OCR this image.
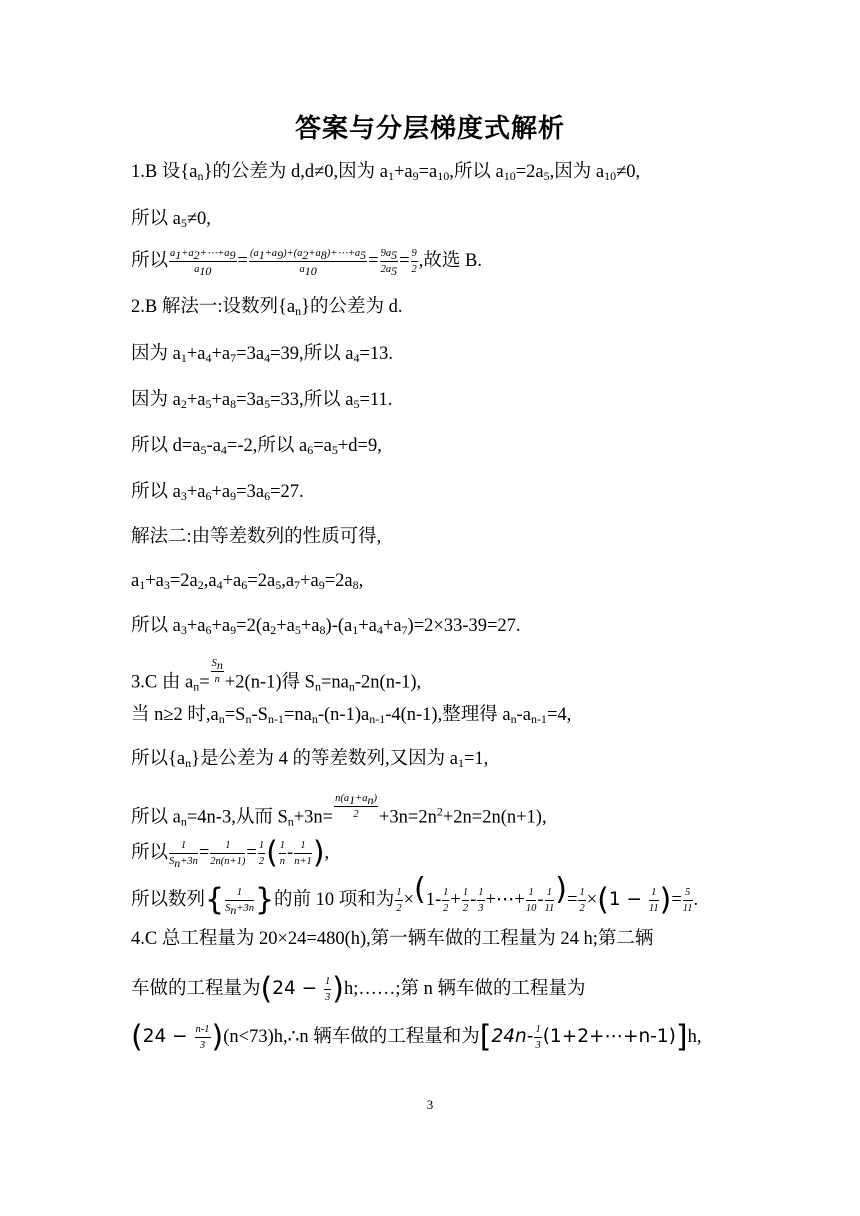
答案与分层梯度式解析
1.B 设$\{a_n\}$的公差为 d,d≠0,因为 $a_1+a_9=a_{10}$,所以 $a_{10}=2a_5$,因为 $a_{10}\ne 0$,
所以 $a_5\ne 0$,
所以 $\frac{a_1+a_2+\cdots+a_9}{a_{10}} = \frac{(a_1+a_9)+(a_2+a_8)+\cdots+a_5}{a_{10}} = \frac{9a_5}{2a_5} = \frac{9}{2}$ ,故选 B.
2.B 解法一:设数列$\{a_n\}$的公差为 d.
因为 $a_1+a_4+a_7=3a_4=39$,所以 $a_4=13$.
因为 $a_2+a_5+a_8=3a_5=33$,所以 $a_5=11$.
所以 $d=a_5-a_4=-2$,所以 $a_6=a_5+d=9$,
所以 $a_3+a_6+a_9=3a_6=27$.
解法二:由等差数列的性质可得,
$a_1+a_3=2a_2,a_4+a_6=2a_5,a_7+a_9=2a_8$,
所以 $a_3+a_6+a_9=2(a_2+a_5+a_8)-(a_1+a_4+a_7)=2\times 33-39=27$.
3.C 由 $a_n= \frac{S_n}{n} +2(n-1)$得 $S_n=na_n-2n(n-1)$,
当 n≥2 时$,a_n=S_n-S_{n-1}=na_n-(n-1)a_{n-1}-4(n-1)$,整理得 $a_n-a_{n-1}=4$,
所以$\{a_n\}$是公差为 4 的等差数列,又因为 $a_1=1$,
所以 $a_n=4n-3$,从而 $S_n+3n= \frac{n(a_1+a_n)}{2} +3n=2n^2+2n=2n(n+1)$,
所以 $\frac{1}{S_n+3n} = \frac{1}{2n(n+1)} = \frac{1}{2}$ ( $\frac{1}{n} - \frac{1}{n+1}$ ),
所以数列{ $\frac{1}{S_n+3n}$ }的前 10 项和为 $\frac{1}{2} \times(1- \frac{1}{2} + \frac{1}{2} - \frac{1}{3}$ +⋯+ $\frac{1}{10} - \frac{1}{11}$ )= $\frac{1}{2} \times(1 - \frac{1}{11}$ )= $\frac{5}{11}$ .
4.C 总工程量为 20×24=480(h),第一辆车做的工程量为 24 h;第二辆
车做的工程量为($24 - \frac{1}{3}$ )h;……;第 n 辆车做的工程量为
($24 - \frac{n-1}{3}$ )(n<73)h,∴n 辆车做的工程量和为[$24n- \frac{1}{3}$ (1+2+⋯+n-1)]h,
3
